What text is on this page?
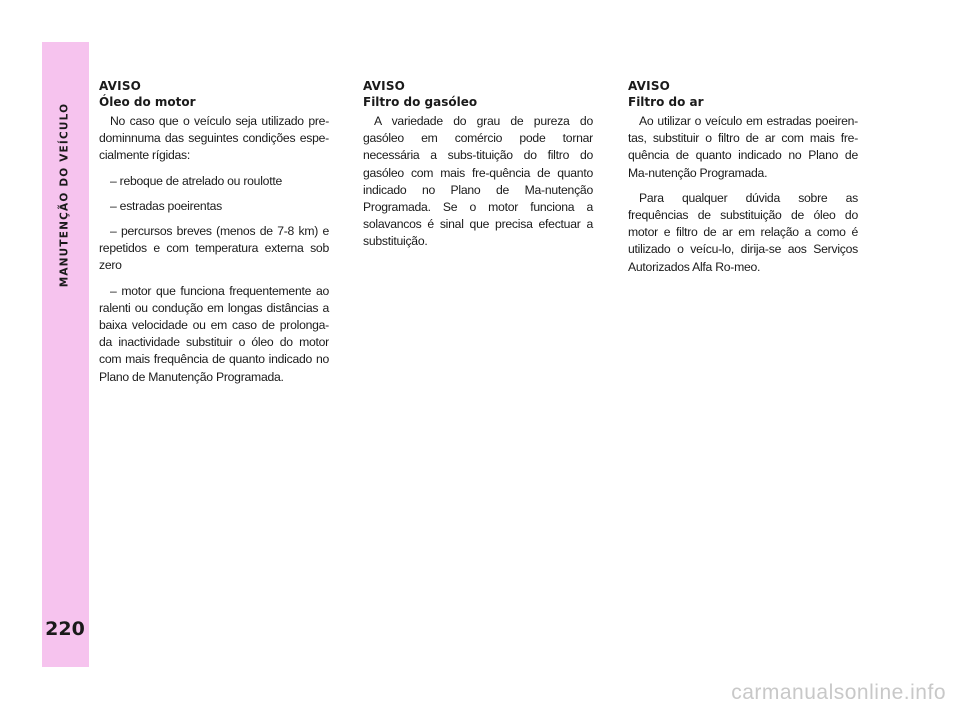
MANUTENÇÃO DO VEÍCULO
220

AVISO

Óleo do motor

No caso que o veículo seja utilizado pre-dominnuma das seguintes condições espe-cialmente rígidas:

– reboque de atrelado ou roulotte

– estradas poeirentas

– percursos breves (menos de 7-8 km) e repetidos e com temperatura externa sob zero

– motor que funciona frequentemente ao ralenti ou condução em longas distâncias a baixa velocidade ou em caso de prolonga-da inactividade substituir o óleo do motor com mais frequência de quanto indicado no Plano de Manutenção Programada.

AVISO

Filtro do gasóleo

A variedade do grau de pureza do gasóleo em comércio pode tornar necessária a subs-tituição do filtro do gasóleo com mais fre-quência de quanto indicado no Plano de Ma-nutenção Programada. Se o motor funciona a solavancos é sinal que precisa efectuar a substituição.

AVISO

Filtro do ar

Ao utilizar o veículo em estradas poeiren-tas, substituir o filtro de ar com mais fre-quência de quanto indicado no Plano de Ma-nutenção Programada.

Para qualquer dúvida sobre as frequências de substituição de óleo do motor e filtro de ar em relação a como é utilizado o veícu-lo, dirija-se aos Serviços Autorizados Alfa Ro-meo.

carmanualsonline.info
